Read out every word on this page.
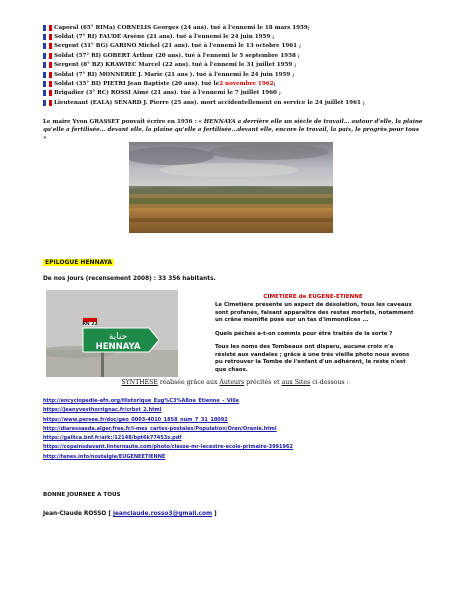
Caporal (65° RIMa) CORNELIS Georges (24 ans). tué à l'ennemi le 18 mars 1959;
Soldat (7° RI) FAUDE Arsène (21 ans). tué à l'ennemi le 24 juin 1959 ;
Sergent (31° BG) GARINO Michel (21 ans). tué à l'ennemi le 13 octobre 1961 ;
Soldat (57° RI) GOBERT Arthur (20 ans). tué à l'ennemi le 5 septembre 1958 ;
Sergent (8° BZ) KRAWIEC Marcel (22 ans). tué à l'ennemi le 31 juillet 1959 ;
Soldat (7° RI) MONNERIE J. Marie (21 ans ). tué à l'ennemi le 24 juin 1959 ;
Soldat (35° BI) PIETRI Jean Baptiste (20 ans). tué le 2 novembre 1962 ;
Brigadier (3° RC) ROSSI Aimé (21 ans). tué à l'ennemi le 7 juillet 1960 ;
Lieutenant (EALA) SENARD J. Pierre (25 ans). mort accidentellement en service le 24 juillet 1961 ;
Le maire Yvon GRASSET pouvait écrire en 1956 : « HENNAYA a derrière elle un siècle de travail... autour d'elle, la plaine qu'elle a fertilisée... devant elle, la plaine qu'elle a fertilisée...devant elle, encore le travail, la paix, le progrès pour tous »
EPILOGUE HENNAYA
De nos jours (recensement 2008) : 33 356 habitants.
RN 22
حناية
HENNAYA
CIMETIERE de EUGENE-ETIENNE

Le Cimetière présente un aspect de désolation, tous les caveaux sont profanés, faisant apparaître des restes mortels, notamment un crâne momifié posé sur un tas d'immondices ...

Quels péchés a-t-on commis pour être traités de la sorte ?

Tous les noms des Tombeaux ont disparu, aucune croix n'a résisté aux vandales ; grâce à une très vieille photo nous avons pu retrouver la Tombe de l'enfant d'un adhérent, le reste n'est que chaos.

SYNTHESE réalisée grâce aux Auteurs précités et aux Sites ci-dessous :
http://encyclopedie-afn.org/Historique_Eug%C3%A8ne_Etienne_-_Ville
https://jeanyvesthorrignac.fr/crbst_2.html
https://www.persee.fr/doc/geo_0003-4010_1858_num_7_31_18092
http://diaressaeda.alger.free.fr/l-mes_cartes-postales/Population/Oran/Oranie.html
https://gallica.bnf.fr/ark:/12148/bpt6k77453s.pdf
https://copainsdavant.linternaute.com/photo/classe-mr-lecestre-ecole-primaire-3991962
http://tenes.info/nostalgie/EUGENEETIENNE
BONNE JOURNEE A TOUS
Jean-Claude ROSSO [ jeanclaude.rosso3@gmail.com ]
